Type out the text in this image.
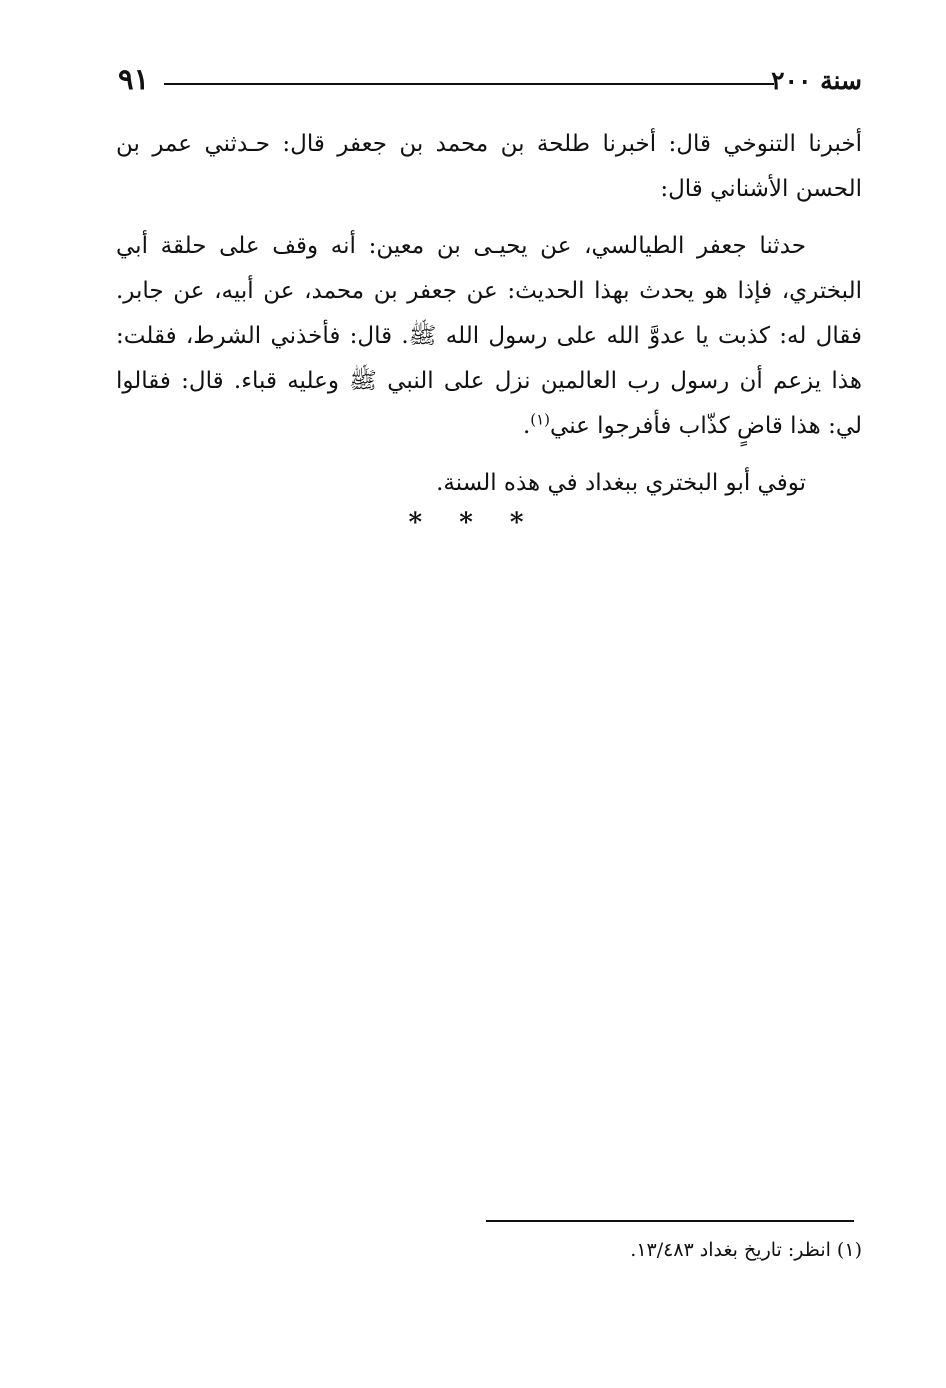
٩١	سنة ٢٠٠

أخبرنا التنوخي قال: أخبرنا طلحة بن محمد بن جعفر قال: حـدثني عمر بن الحسن الأشناني قال:

حدثنا جعفر الطيالسي، عن يحيـى بن معين: أنه وقف على حلقة أبي البختري، فإذا هو يحدث بهذا الحديث: عن جعفر بن محمد، عن أبيه، عن جابر. فقال له: كذبت يا عدوَّ الله على رسول الله ﷺ. قال: فأخذني الشرط، فقلت: هذا يزعم أن رسول رب العالمين نزل على النبي ﷺ وعليه قباء. قال: فقالوا لي: هذا قاضٍ كذّاب فأفرجوا عني$^{(١)}$.

توفي أبو البختري ببغداد في هذه السنة.

* * *
(١) انظر: تاريخ بغداد ١٣/٤٨٣.
